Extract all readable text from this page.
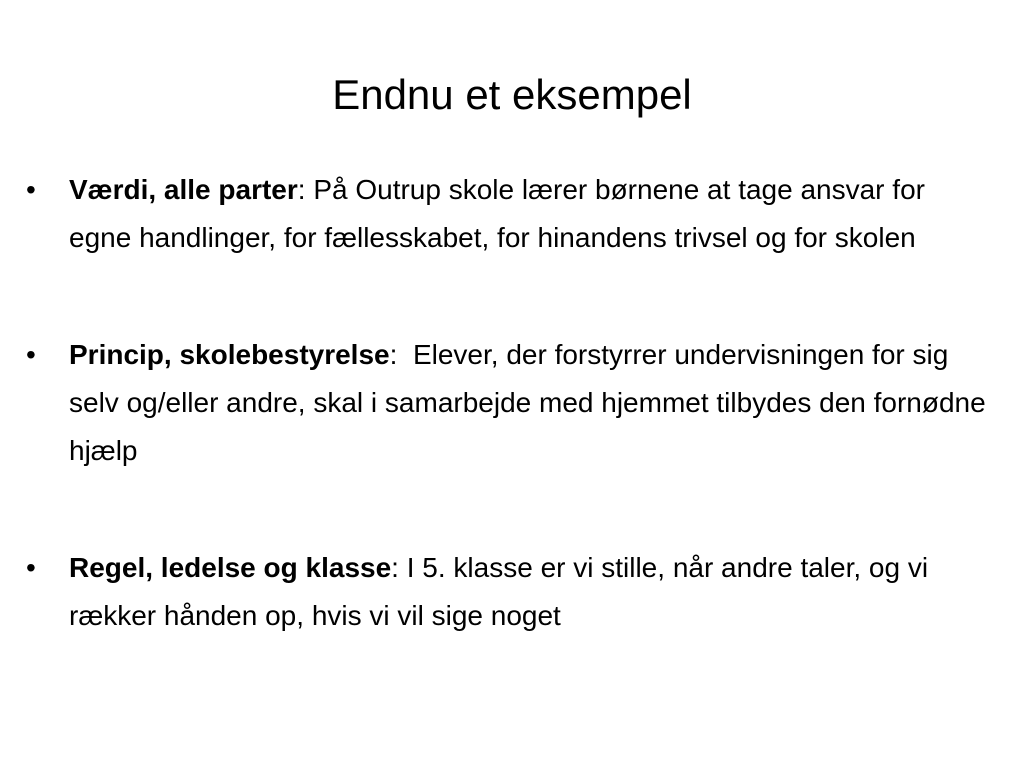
Endnu et eksempel
•	Værdi, alle parter: På Outrup skole lærer børnene at tage ansvar for egne handlinger, for fællesskabet, for hinandens trivsel og for skolen
•	Princip, skolebestyrelse:  Elever, der forstyrrer undervisningen for sig selv og/eller andre, skal i samarbejde med hjemmet tilbydes den fornødne hjælp
•	Regel, ledelse og klasse: I 5. klasse er vi stille, når andre taler, og vi rækker hånden op, hvis vi vil sige noget
